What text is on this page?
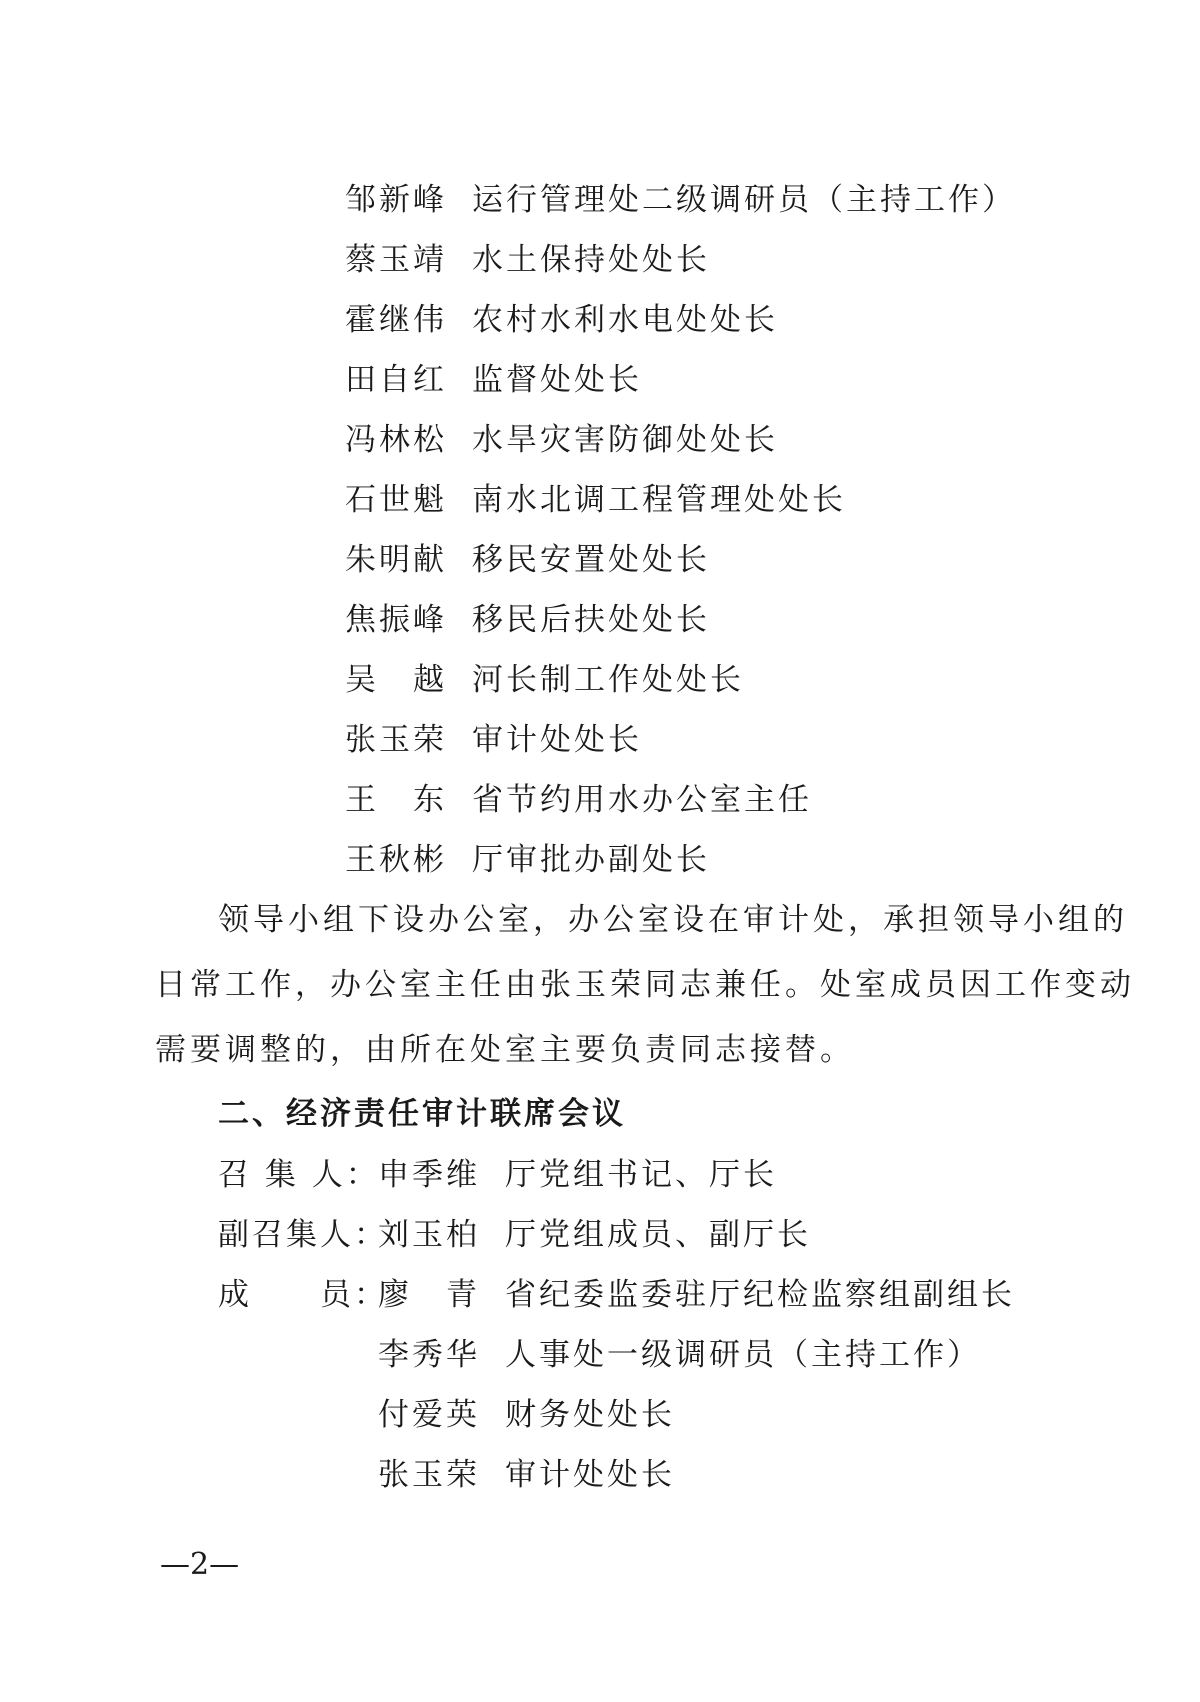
邹新峰 运行管理处二级调研员（主持工作）
蔡玉靖 水土保持处处长
霍继伟 农村水利水电处处长
田自红 监督处处长
冯林松 水旱灾害防御处处长
石世魁 南水北调工程管理处处长
朱明献 移民安置处处长
焦振峰 移民后扶处处长
吴　越 河长制工作处处长
张玉荣 审计处处长
王　东 省节约用水办公室主任
王秋彬 厅审批办副处长
领导小组下设办公室，办公室设在审计处，承担领导小组的
日常工作，办公室主任由张玉荣同志兼任。处室成员因工作变动
需要调整的，由所在处室主要负责同志接替。
二、经济责任审计联席会议
召 集 人：
申季维 厅党组书记、厅长
副召集人：
刘玉柏 厅党组成员、副厅长
成　　员：
廖　青 省纪委监委驻厅纪检监察组副组长
李秀华 人事处一级调研员（主持工作）
付爱英 财务处处长
张玉荣 审计处处长
—2—
